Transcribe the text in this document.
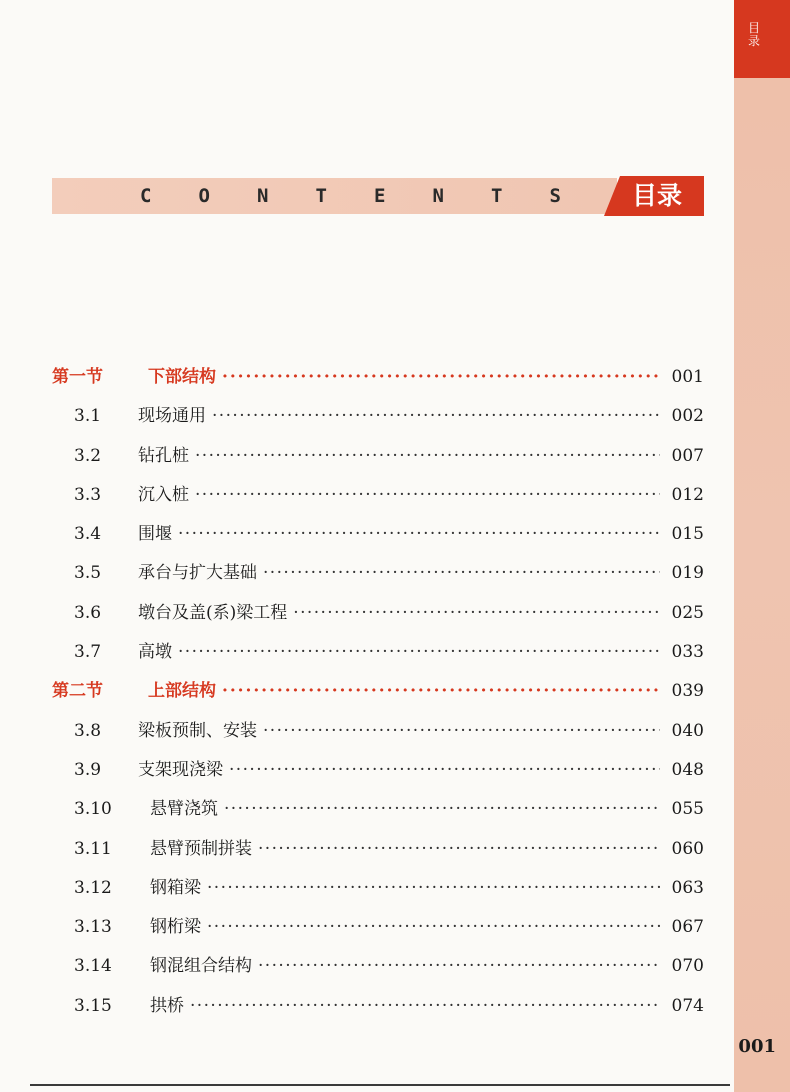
目
录
C	O	N	T	E	N	T	S	目录
第一节	下部结构 · · ·	001
3.1	现场通用 · · ·	002
3.2	钻孔桩 · · ·	007
3.3	沉入桩 · · ·	012
3.4	围堰 · · ·	015
3.5	承台与扩大基础 · · ·	019
3.6	墩台及盖(系)梁工程 · · ·	025
3.7	高墩 · · ·	033
第二节	上部结构 · · ·	039
3.8	梁板预制、安装 · · ·	040
3.9	支架现浇梁 · · ·	048
3.10	悬臂浇筑 · · ·	055
3.11	悬臂预制拼装 · · ·	060
3.12	钢箱梁 · · ·	063
3.13	钢桁梁 · · ·	067
3.14	钢混组合结构 · · ·	070
3.15	拱桥 · · ·	074
001
